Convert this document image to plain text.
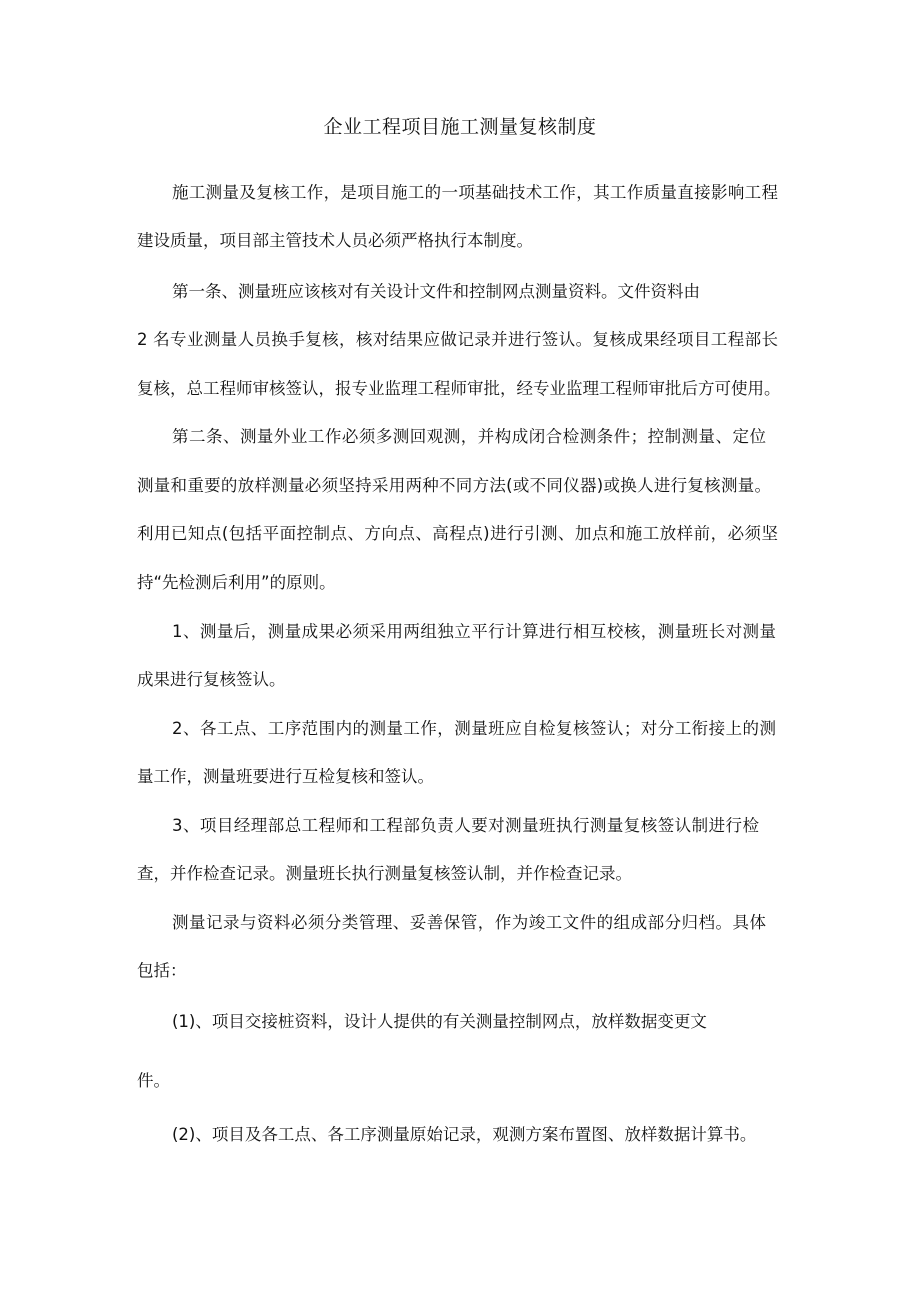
企业工程项目施工测量复核制度
施工测量及复核工作，是项目施工的一项基础技术工作，其工作质量直接影响工程
建设质量，项目部主管技术人员必须严格执行本制度。
第一条、测量班应该核对有关设计文件和控制网点测量资料。文件资料由
2 名专业测量人员换手复核，核对结果应做记录并进行签认。复核成果经项目工程部长
复核，总工程师审核签认，报专业监理工程师审批，经专业监理工程师审批后方可使用。
第二条、测量外业工作必须多测回观测，并构成闭合检测条件；控制测量、定位
测量和重要的放样测量必须坚持采用两种不同方法(或不同仪器)或换人进行复核测量。
利用已知点(包括平面控制点、方向点、高程点)进行引测、加点和施工放样前，必须坚
持“先检测后利用”的原则。
1、测量后，测量成果必须采用两组独立平行计算进行相互校核，测量班长对测量
成果进行复核签认。
2、各工点、工序范围内的测量工作，测量班应自检复核签认；对分工衔接上的测
量工作，测量班要进行互检复核和签认。
3、项目经理部总工程师和工程部负责人要对测量班执行测量复核签认制进行检
查，并作检查记录。测量班长执行测量复核签认制，并作检查记录。
测量记录与资料必须分类管理、妥善保管，作为竣工文件的组成部分归档。具体
包括：
(1)、项目交接桩资料，设计人提供的有关测量控制网点，放样数据变更文
件。
(2)、项目及各工点、各工序测量原始记录，观测方案布置图、放样数据计算书。
